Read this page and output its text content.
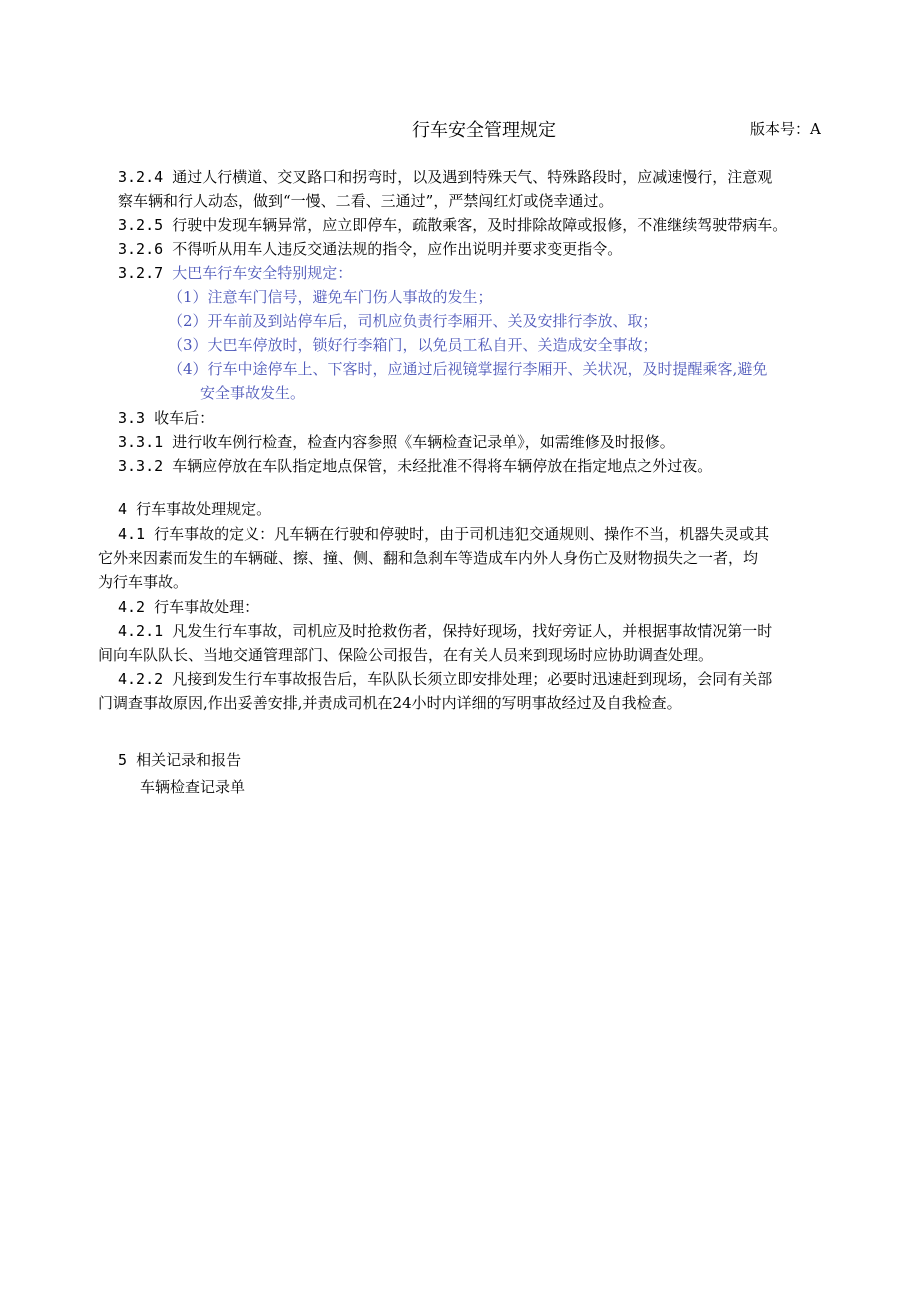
行车安全管理规定	版本号：A
3.2.4 通过人行横道、交叉路口和拐弯时，以及遇到特殊天气、特殊路段时，应减速慢行，注意观
察车辆和行人动态，做到“一慢、二看、三通过”，严禁闯红灯或侥幸通过。
3.2.5 行驶中发现车辆异常，应立即停车，疏散乘客，及时排除故障或报修，不准继续驾驶带病车。
3.2.6 不得听从用车人违反交通法规的指令，应作出说明并要求变更指令。
3.2.7 大巴车行车安全特别规定：
（1）注意车门信号，避免车门伤人事故的发生；
（2）开车前及到站停车后，司机应负责行李厢开、关及安排行李放、取；
（3）大巴车停放时，锁好行李箱门，以免员工私自开、关造成安全事故；
（4）行车中途停车上、下客时，应通过后视镜掌握行李厢开、关状况，及时提醒乘客,避免
安全事故发生。
3.3 收车后：
3.3.1 进行收车例行检查，检查内容参照《车辆检查记录单》，如需维修及时报修。
3.3.2 车辆应停放在车队指定地点保管，未经批准不得将车辆停放在指定地点之外过夜。
4 行车事故处理规定。
4.1 行车事故的定义：凡车辆在行驶和停驶时，由于司机违犯交通规则、操作不当，机器失灵或其
它外来因素而发生的车辆碰、擦、撞、侧、翻和急刹车等造成车内外人身伤亡及财物损失之一者，均
为行车事故。
4.2 行车事故处理：
4.2.1 凡发生行车事故，司机应及时抢救伤者，保持好现场，找好旁证人，并根据事故情况第一时
间向车队队长、当地交通管理部门、保险公司报告，在有关人员来到现场时应协助调查处理。
4.2.2 凡接到发生行车事故报告后，车队队长须立即安排处理；必要时迅速赶到现场，会同有关部
门调查事故原因,作出妥善安排,并责成司机在24小时内详细的写明事故经过及自我检查。
5 相关记录和报告
车辆检查记录单
